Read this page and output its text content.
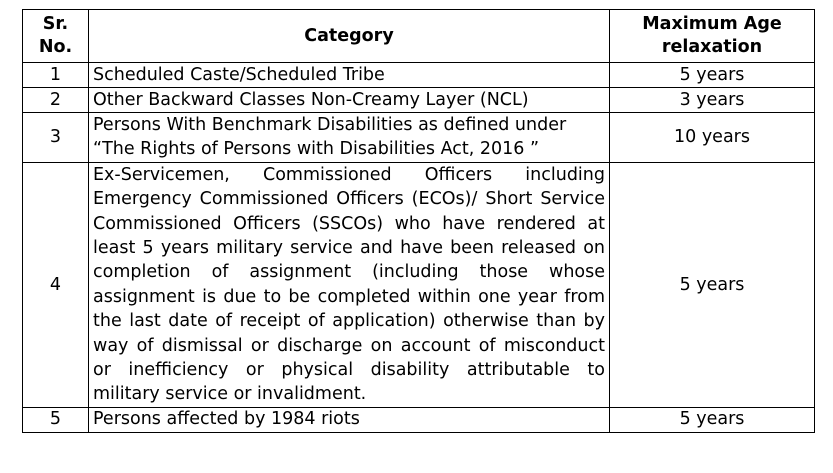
Sr. No.	Category	Maximum Age relaxation
1	Scheduled Caste/Scheduled Tribe	5 years
2	Other Backward Classes Non-Creamy Layer (NCL)	3 years
3	Persons With Benchmark Disabilities as defined under “The Rights of Persons with Disabilities Act, 2016 ”	10 years
4	Ex-Servicemen, Commissioned Officers including Emergency Commissioned Officers (ECOs)/ Short Service Commissioned Officers (SSCOs) who have rendered at least 5 years military service and have been released on completion of assignment (including those whose assignment is due to be completed within one year from the last date of receipt of application) otherwise than by way of dismissal or discharge on account of misconduct or inefficiency or physical disability attributable to military service or invalidment.	5 years
5	Persons affected by 1984 riots	5 years
